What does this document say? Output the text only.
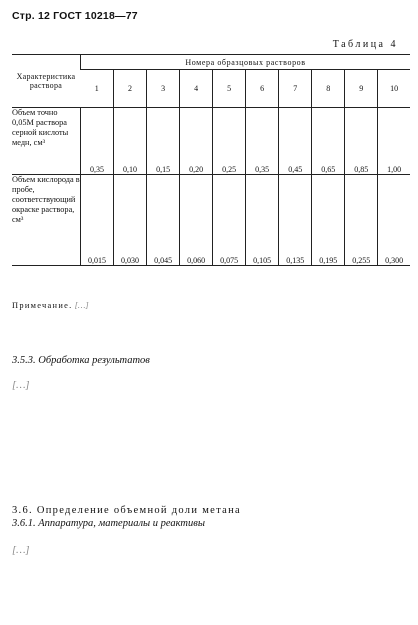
Стр. 12 ГОСТ 10218—77
Таблица 4
Характеристика раствора	Номера образцовых растворов									
	1	2	3	4	5	6	7	8	9	10
Объем точно 0,05М раствора серной кислоты медн, см³	0,35	0,10	0,15	0,20	0,25	0,35	0,45	0,65	0,85	1,00
Объем кислорода в пробе, соответствующий окраске раствора, см³	0,015	0,030	0,045	0,060	0,075	0,105	0,135	0,195	0,255	0,300
Примечание. […]
3.5.3. Обработка результатов
[…]
3.6. Определение объемной доли метана
3.6.1. Аппаратура, материалы и реактивы
[…]
